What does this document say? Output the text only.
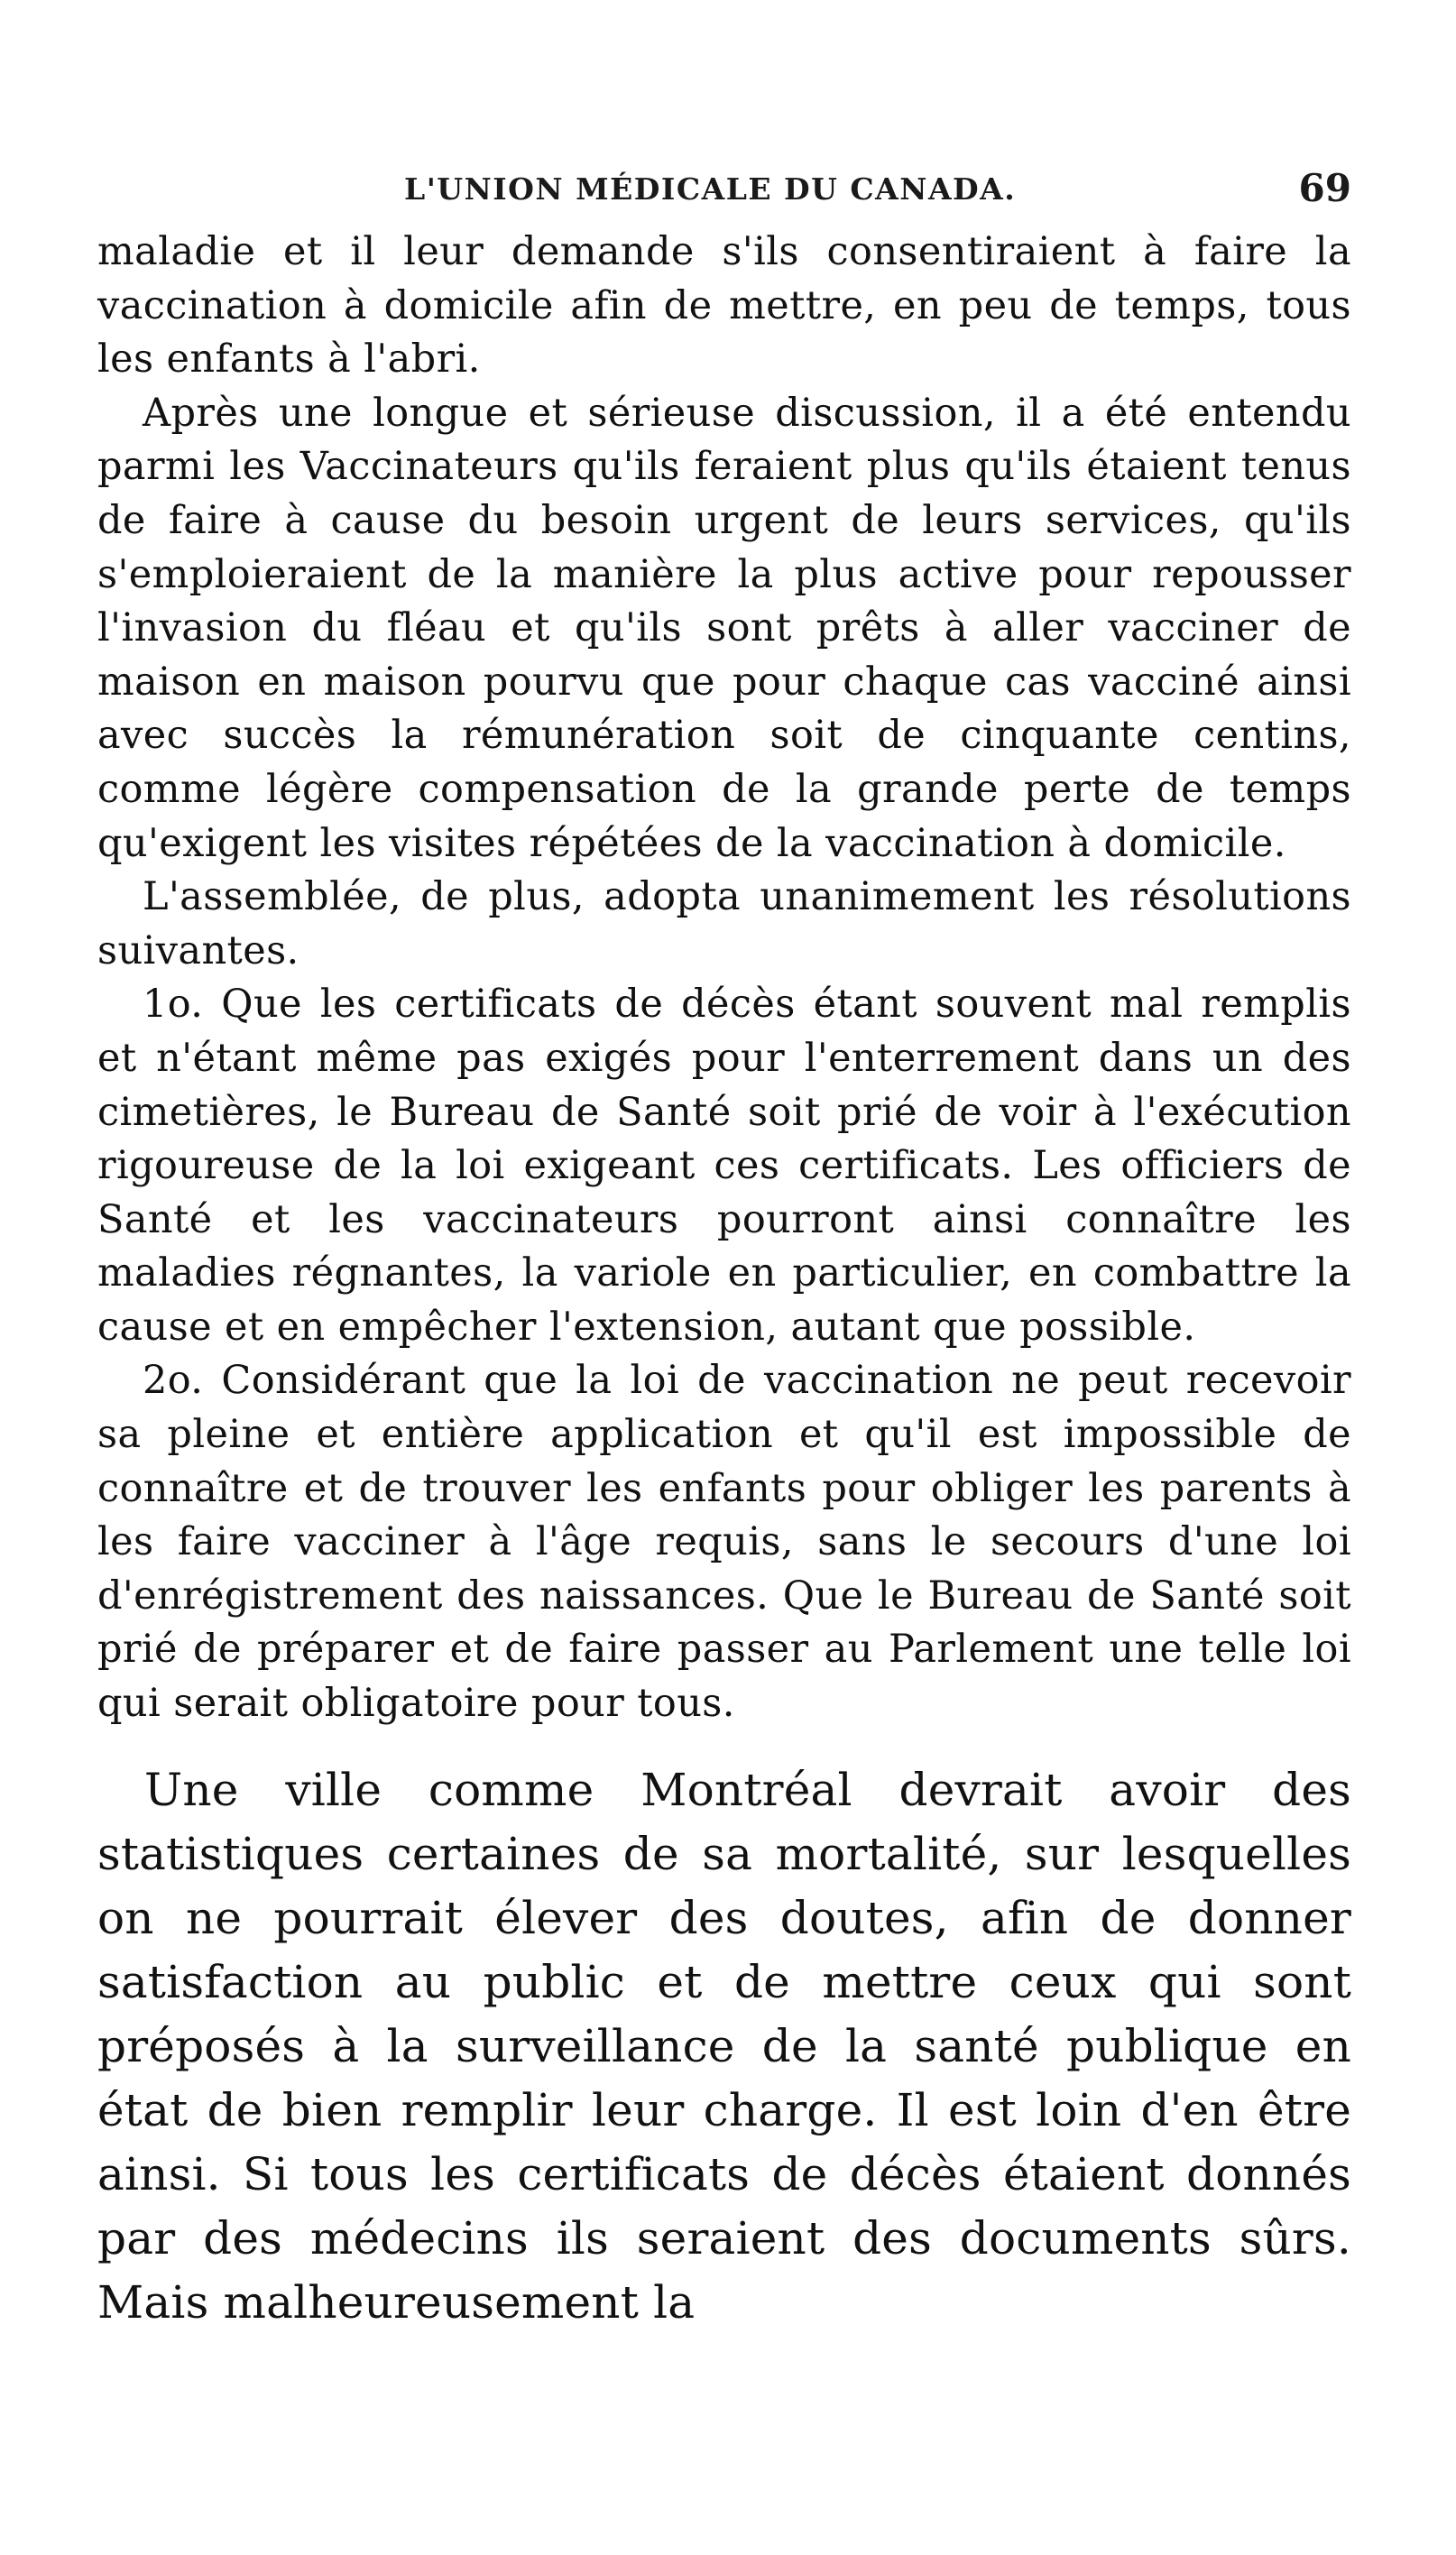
L'UNION MÉDICALE DU CANADA.	69

maladie et il leur demande s'ils consentiraient à faire la vaccination à domicile afin de mettre, en peu de temps, tous les enfants à l'abri.

Après une longue et sérieuse discussion, il a été entendu parmi les Vaccinateurs qu'ils feraient plus qu'ils étaient tenus de faire à cause du besoin urgent de leurs services, qu'ils s'emploieraient de la manière la plus active pour repousser l'invasion du fléau et qu'ils sont prêts à aller vacciner de maison en maison pourvu que pour chaque cas vacciné ainsi avec succès la rémunération soit de cinquante centins, comme légère compensation de la grande perte de temps qu'exigent les visites répétées de la vaccination à domicile.

L'assemblée, de plus, adopta unanimement les résolutions suivantes.

1o. Que les certificats de décès étant souvent mal remplis et n'étant même pas exigés pour l'enterrement dans un des cimetières, le Bureau de Santé soit prié de voir à l'exécution rigoureuse de la loi exigeant ces certificats. Les officiers de Santé et les vaccinateurs pourront ainsi connaître les maladies régnantes, la variole en particulier, en combattre la cause et en empêcher l'extension, autant que possible.

2o. Considérant que la loi de vaccination ne peut recevoir sa pleine et entière application et qu'il est impossible de connaître et de trouver les enfants pour obliger les parents à les faire vacciner à l'âge requis, sans le secours d'une loi d'enrégistrement des naissances. Que le Bureau de Santé soit prié de préparer et de faire passer au Parlement une telle loi qui serait obligatoire pour tous.

Une ville comme Montréal devrait avoir des statistiques certaines de sa mortalité, sur lesquelles on ne pourrait élever des doutes, afin de donner satisfaction au public et de mettre ceux qui sont préposés à la surveillance de la santé publique en état de bien remplir leur charge. Il est loin d'en être ainsi. Si tous les certificats de décès étaient donnés par des médecins ils seraient des documents sûrs. Mais malheureusement la
